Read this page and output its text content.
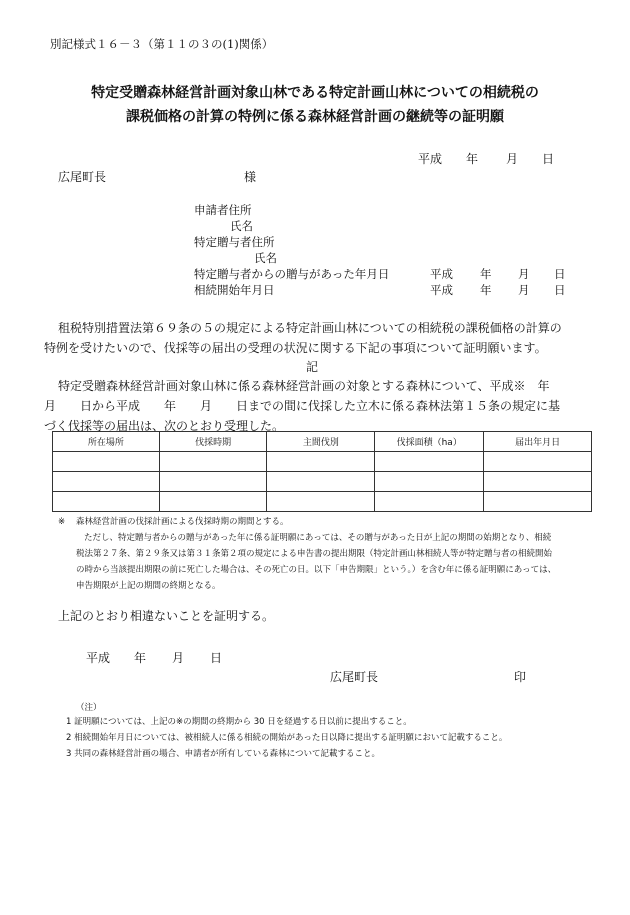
別記様式１６－３（第１１の３の(1)関係）
特定受贈森林経営計画対象山林である特定計画山林についての相続税の
課税価格の計算の特例に係る森林経営計画の継続等の証明願
平成 年 月 日
広尾町長	様
申請者住所
氏名
特定贈与者住所
氏名
特定贈与者からの贈与があった年月日	平成 年 月 日
相続開始年月日	平成 年 月 日
租税特別措置法第６９条の５の規定による特定計画山林についての相続税の課税価格の計算の
特例を受けたいので、伐採等の届出の受理の状況に関する下記の事項について証明願います。
記
特定受贈森林経営計画対象山林に係る森林経営計画の対象とする森林について、平成※　年
月　　日から平成　　年　　月　　日までの間に伐採した立木に係る森林法第１５条の規定に基
づく伐採等の届出は、次のとおり受理した。
所在場所	伐採時期	主間伐別	伐採面積（ha）	届出年月日

※ 森林経営計画の伐採計画による伐採時期の期間とする。
ただし、特定贈与者からの贈与があった年に係る証明願にあっては、その贈与があった日が上記の期間の始期となり、相続
税法第２７条、第２９条又は第３１条第２項の規定による申告書の提出期限（特定計画山林相続人等が特定贈与者の相続開始
の時から当該提出期限の前に死亡した場合は、その死亡の日。以下「申告期限」という。）を含む年に係る証明願にあっては、
申告期限が上記の期間の終期となる。
上記のとおり相違ないことを証明する。
平成 年 月 日
広尾町長	印
（注）
1 証明願については、上記の※の期間の終期から 30 日を経過する日以前に提出すること。
2 相続開始年月日については、被相続人に係る相続の開始があった日以降に提出する証明願において記載すること。
3 共同の森林経営計画の場合、申請者が所有している森林について記載すること。
